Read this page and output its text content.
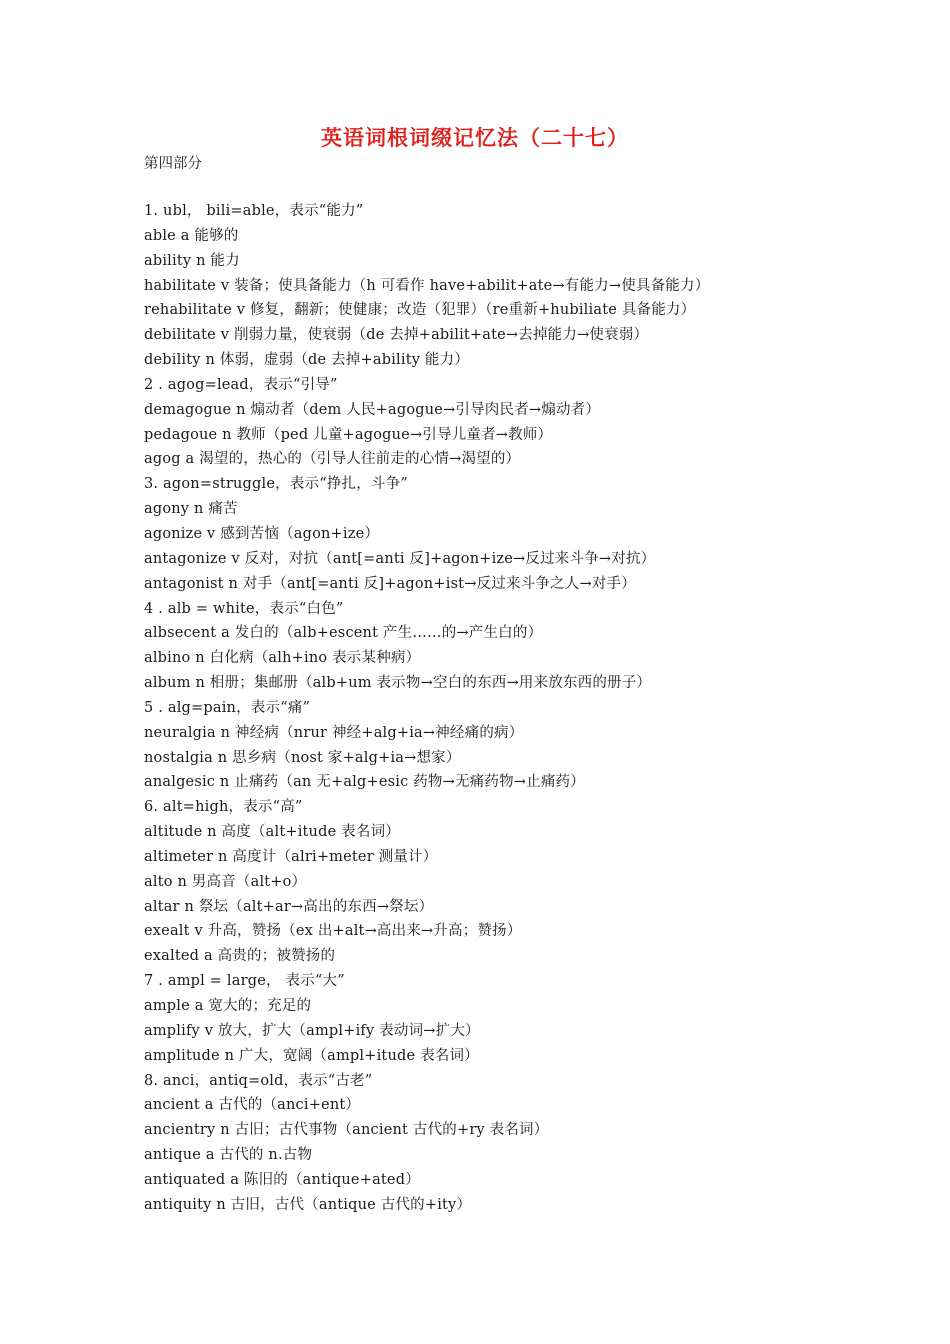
英语词根词缀记忆法（二十七）

第四部分

1. ubl， bili=able，表示“能力”
able a 能够的
ability n 能力
habilitate v 装备；使具备能力（h 可看作 have+abilit+ate→有能力→使具备能力）
rehabilitate v 修复，翻新；使健康；改造（犯罪）（re重新+hubiliate 具备能力）
debilitate v 削弱力量，使衰弱（de 去掉+abilit+ate→去掉能力→使衰弱）
debility n 体弱，虚弱（de 去掉+ability 能力）
2 . agog=lead，表示“引导”
demagogue n 煽动者（dem 人民+agogue→引导肉民者→煽动者）
pedagoue n 教师（ped 儿童+agogue→引导儿童者→教师）
agog a 渴望的，热心的（引导人往前走的心情→渴望的）
3. agon=struggle，表示“挣扎，斗争”
agony n 痛苦
agonize v 感到苦恼（agon+ize）
antagonize v 反对，对抗（ant[=anti 反]+agon+ize→反过来斗争→对抗）
antagonist n 对手（ant[=anti 反]+agon+ist→反过来斗争之人→对手）
4 . alb = white，表示“白色”
albsecent a 发白的（alb+escent 产生……的→产生白的）
albino n 白化病（alh+ino 表示某种病）
album n 相册；集邮册（alb+um 表示物→空白的东西→用来放东西的册子）
5 . alg=pain，表示“痛”
neuralgia n 神经病（nrur 神经+alg+ia→神经痛的病）
nostalgia n 思乡病（nost 家+alg+ia→想家）
analgesic n 止痛药（an 无+alg+esic 药物→无痛药物→止痛药）
6. alt=high，表示“高”
altitude n 高度（alt+itude 表名词）
altimeter n 高度计（alri+meter 测量计）
alto n 男高音（alt+o）
altar n 祭坛（alt+ar→高出的东西→祭坛）
exealt v 升高，赞扬（ex 出+alt→高出来→升高；赞扬）
exalted a 高贵的；被赞扬的
7 . ampl = large， 表示“大”
ample a 宽大的；充足的
amplify v 放大，扩大（ampl+ify 表动词→扩大）
amplitude n 广大，宽阔（ampl+itude 表名词）
8. anci，antiq=old，表示“古老”
ancient a 古代的（anci+ent）
ancientry n 古旧；古代事物（ancient 古代的+ry 表名词）
antique a 古代的 n.古物
antiquated a 陈旧的（antique+ated）
antiquity n 古旧，古代（antique 古代的+ity）
